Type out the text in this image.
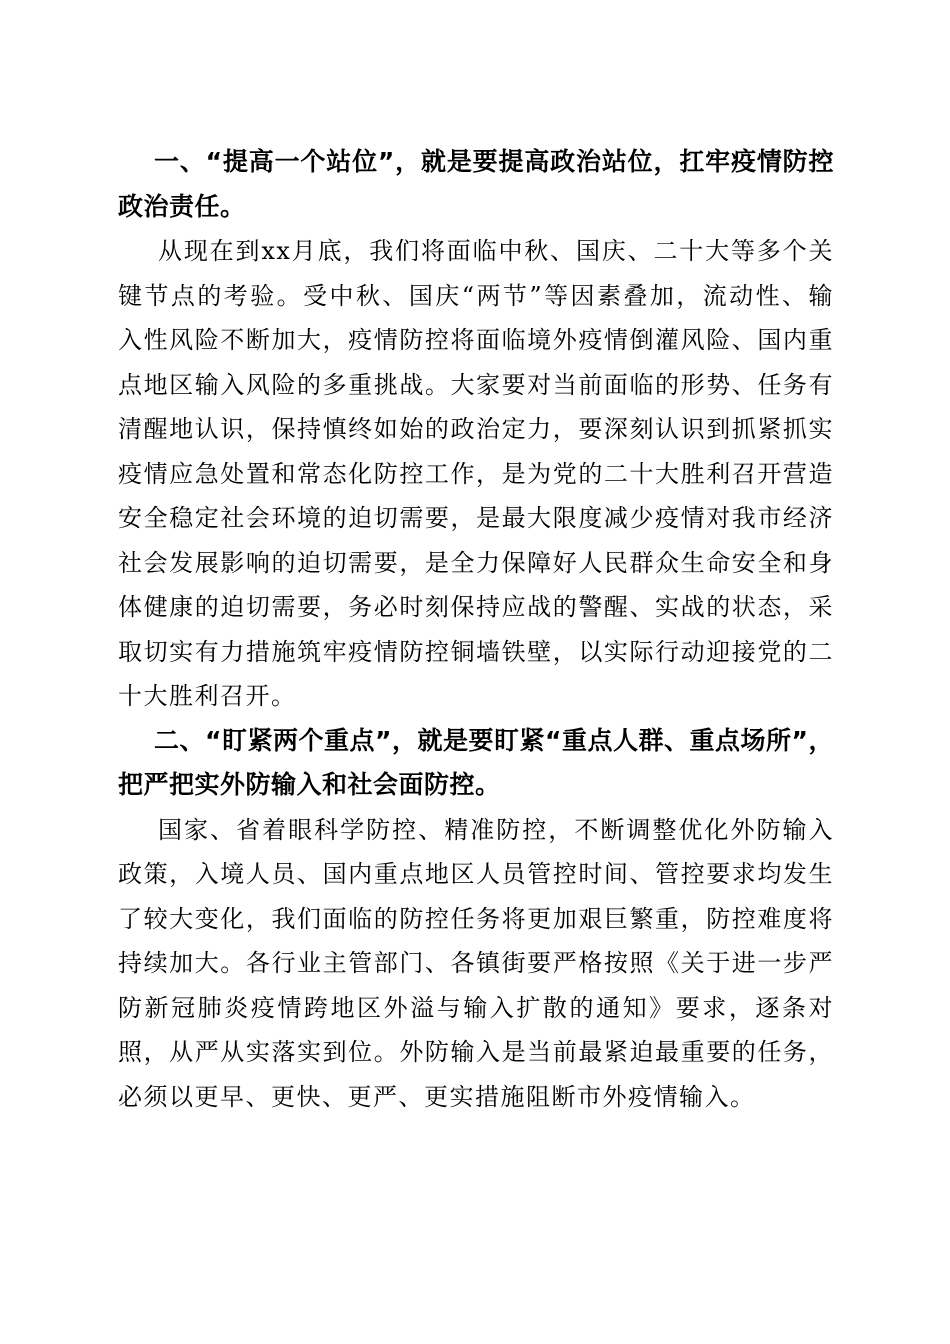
一、“提高一个站位”，就是要提高政治站位，扛牢疫情防控政治责任。

从现在到xx月底，我们将面临中秋、国庆、二十大等多个关键节点的考验。受中秋、国庆“两节”等因素叠加，流动性、输入性风险不断加大，疫情防控将面临境外疫情倒灌风险、国内重点地区输入风险的多重挑战。大家要对当前面临的形势、任务有清醒地认识，保持慎终如始的政治定力，要深刻认识到抓紧抓实疫情应急处置和常态化防控工作，是为党的二十大胜利召开营造安全稳定社会环境的迫切需要，是最大限度减少疫情对我市经济社会发展影响的迫切需要，是全力保障好人民群众生命安全和身体健康的迫切需要，务必时刻保持应战的警醒、实战的状态，采取切实有力措施筑牢疫情防控铜墙铁壁，以实际行动迎接党的二十大胜利召开。

二、“盯紧两个重点”，就是要盯紧“重点人群、重点场所”，把严把实外防输入和社会面防控。

国家、省着眼科学防控、精准防控，不断调整优化外防输入政策，入境人员、国内重点地区人员管控时间、管控要求均发生了较大变化，我们面临的防控任务将更加艰巨繁重，防控难度将持续加大。各行业主管部门、各镇街要严格按照《关于进一步严防新冠肺炎疫情跨地区外溢与输入扩散的通知》要求，逐条对照，从严从实落实到位。外防输入是当前最紧迫最重要的任务，必须以更早、更快、更严、更实措施阻断市外疫情输入。
